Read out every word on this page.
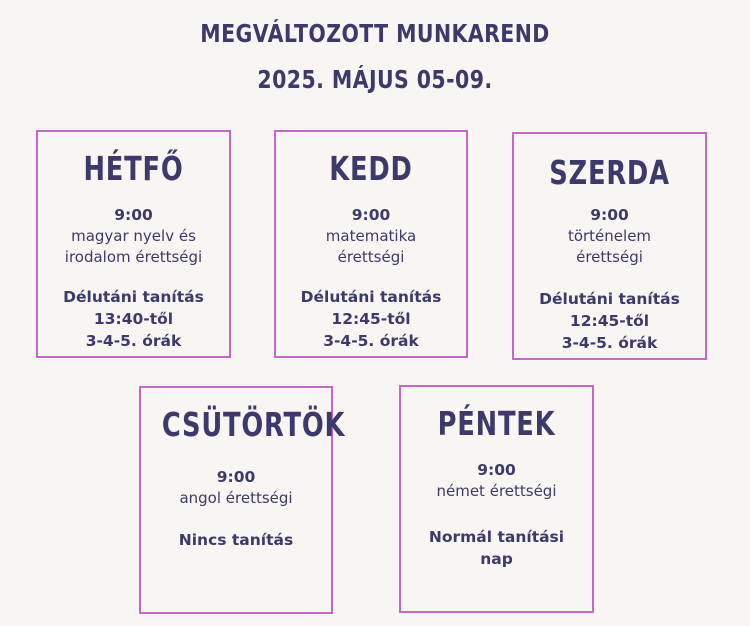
MEGVÁLTOZOTT MUNKAREND
2025. MÁJUS 05-09.
HÉTFŐ
9:00
magyar nyelv és
irodalom érettségi
Délutáni tanítás
13:40-től
3-4-5. órák
KEDD
9:00
matematika
érettségi
Délutáni tanítás
12:45-től
3-4-5. órák
SZERDA
9:00
történelem
érettségi
Délutáni tanítás
12:45-től
3-4-5. órák
CSÜTÖRTÖK
9:00
angol érettségi
Nincs tanítás
PÉNTEK
9:00
német érettségi
Normál tanítási
nap
